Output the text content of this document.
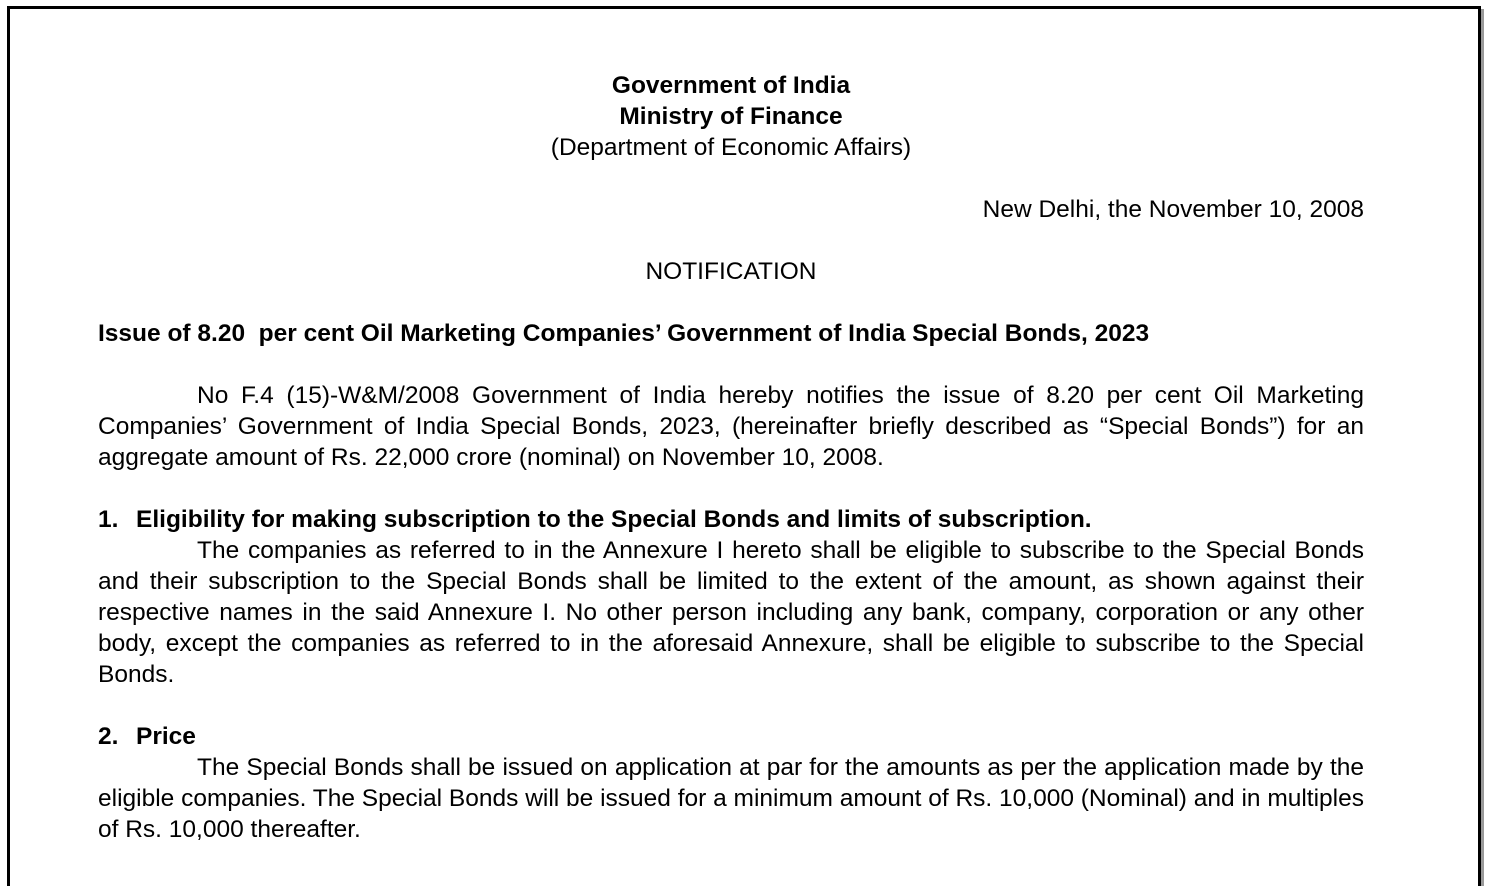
Government of India

Ministry of Finance

(Department of Economic Affairs)

New Delhi, the November 10, 2008

NOTIFICATION

Issue of 8.20  per cent Oil Marketing Companies’ Government of India Special Bonds, 2023

No F.4 (15)-W&M/2008 Government of India hereby notifies the issue of 8.20 per cent Oil Marketing Companies’ Government of India Special Bonds, 2023, (hereinafter briefly described as “Special Bonds”) for an aggregate amount of Rs. 22,000 crore (nominal) on November 10, 2008.

1. Eligibility for making subscription to the Special Bonds and limits of subscription.

The companies as referred to in the Annexure I hereto shall be eligible to subscribe to the Special Bonds and their subscription to the Special Bonds shall be limited to the extent of the amount, as shown against their respective names in the said Annexure I. No other person including any bank, company, corporation or any other body, except the companies as referred to in the aforesaid Annexure, shall be eligible to subscribe to the Special Bonds.

2. Price

The Special Bonds shall be issued on application at par for the amounts as per the application made by the eligible companies. The Special Bonds will be issued for a minimum amount of Rs. 10,000 (Nominal) and in multiples of Rs. 10,000 thereafter.
